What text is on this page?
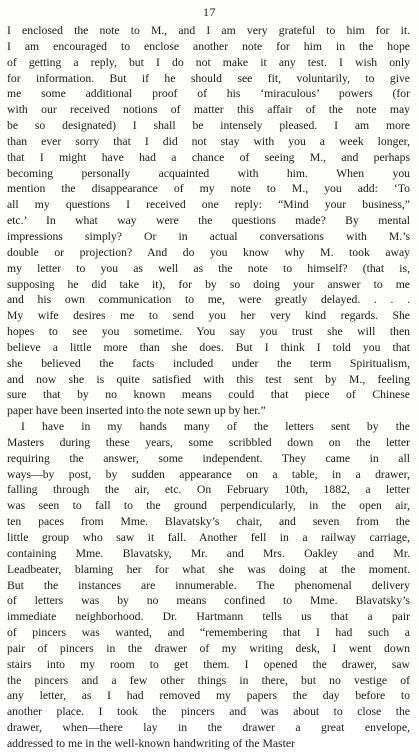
17
I enclosed the note to M., and I am very grateful to him for it.
I am encouraged to enclose another note for him in the hope
of getting a reply, but I do not make it any test. I wish only
for information. But if he should see fit, voluntarily, to give
me some additional proof of his ‘miraculous’ powers (for
with our received notions of matter this affair of the note may
be so designated) I shall be intensely pleased. I am more
than ever sorry that I did not stay with you a week longer,
that I might have had a chance of seeing M., and perhaps
becoming personally acquainted with him. When you
mention the disappearance of my note to M., you add: ‘To
all my questions I received one reply: “Mind your business,”
etc.’ In what way were the questions made? By mental
impressions simply? Or in actual conversations with M.’s
double or projection? And do you know why M. took away
my letter to you as well as the note to himself? (that is,
supposing he did take it), for by so doing your answer to me
and his own communication to me, were greatly delayed. . . .
My wife desires me to send you her very kind regards. She
hopes to see you sometime. You say you trust she will then
believe a little more than she does. But I think I told you that
she believed the facts included under the term Spiritualism,
and now she is quite satisfied with this test sent by M., feeling
sure that by no known means could that piece of Chinese
paper have been inserted into the note sewn up by her.”
I have in my hands many of the letters sent by the
Masters during these years, some scribbled down on the letter
requiring the answer, some independent. They came in all
ways—by post, by sudden appearance on a table, in a drawer,
falling through the air, etc. On February 10th, 1882, a letter
was seen to fall to the ground perpendicularly, in the open air,
ten paces from Mme. Blavatsky’s chair, and seven from the
little group who saw it fall. Another fell in a railway carriage,
containing Mme. Blavatsky, Mr. and Mrs. Oakley and Mr.
Leadbeater, blaming her for what she was doing at the moment.
But the instances are innumerable. The phenomenal delivery
of letters was by no means confined to Mme. Blavatsky’s
immediate neighborhood. Dr. Hartmann tells us that a pair
of pincers was wanted, and “remembering that I had such a
pair of pincers in the drawer of my writing desk, I went down
stairs into my room to get them. I opened the drawer, saw
the pincers and a few other things in there, but no vestige of
any letter, as I had removed my papers the day before to
another place. I took the pincers and was about to close the
drawer, when—there lay in the drawer a great envelope,
addressed to me in the well-known handwriting of the Master
